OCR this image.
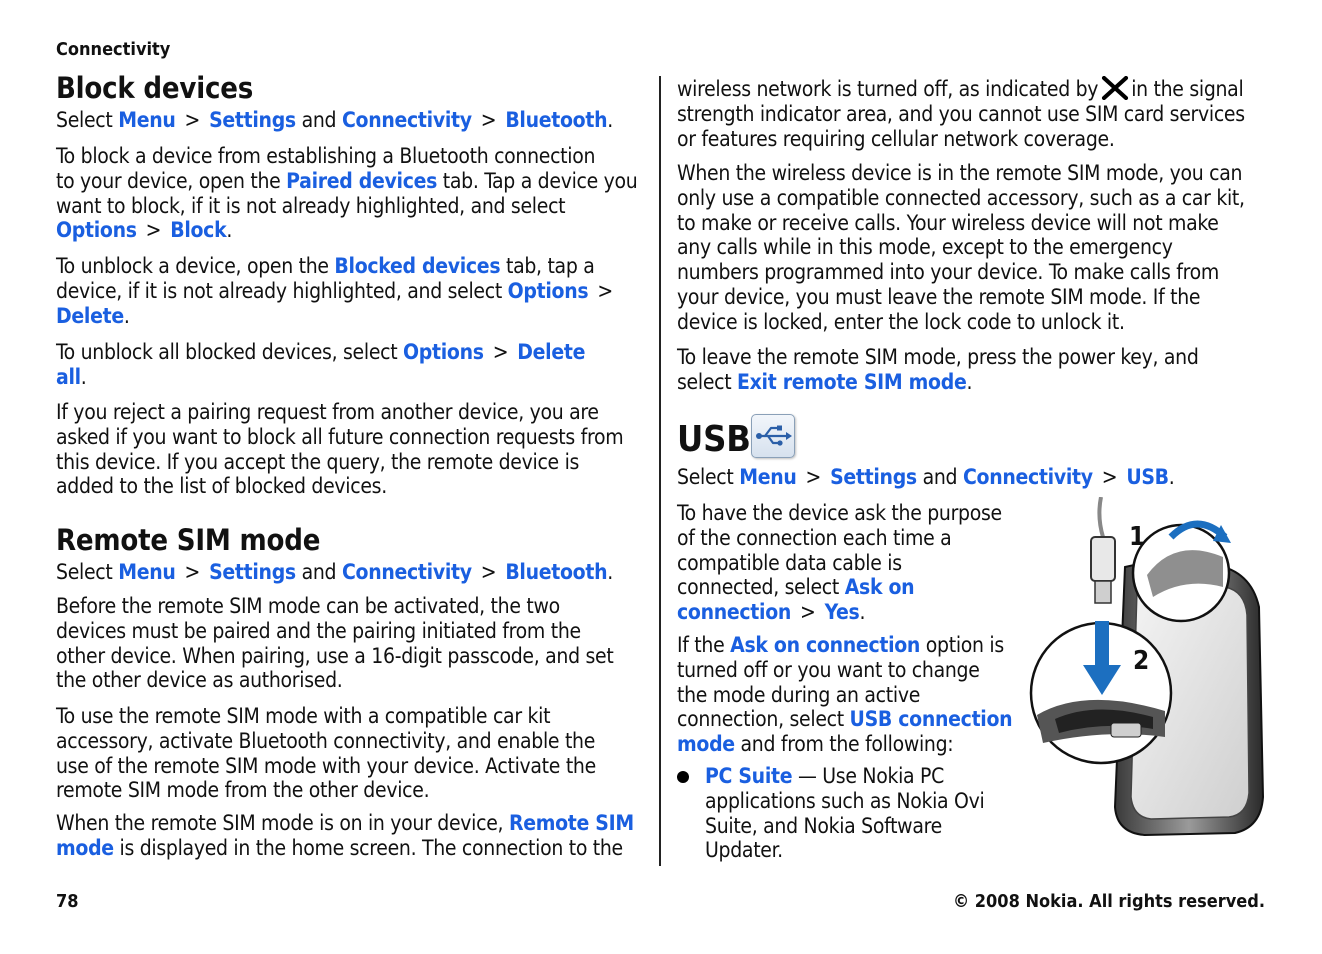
Connectivity
Block devices

Select Menu > Settings and Connectivity > Bluetooth.

To block a device from establishing a Bluetooth connection
to your device, open the Paired devices tab. Tap a device you
want to block, if it is not already highlighted, and select
Options > Block.

To unblock a device, open the Blocked devices tab, tap a
device, if it is not already highlighted, and select Options >
Delete.

To unblock all blocked devices, select Options > Delete
all.

If you reject a pairing request from another device, you are
asked if you want to block all future connection requests from
this device. If you accept the query, the remote device is
added to the list of blocked devices.

Remote SIM mode

Select Menu > Settings and Connectivity > Bluetooth.

Before the remote SIM mode can be activated, the two
devices must be paired and the pairing initiated from the
other device. When pairing, use a 16-digit passcode, and set
the other device as authorised.

To use the remote SIM mode with a compatible car kit
accessory, activate Bluetooth connectivity, and enable the
use of the remote SIM mode with your device. Activate the
remote SIM mode from the other device.

When the remote SIM mode is on in your device, Remote SIM
mode is displayed in the home screen. The connection to the

wireless network is turned off, as indicated by in the signal
strength indicator area, and you cannot use SIM card services
or features requiring cellular network coverage.

When the wireless device is in the remote SIM mode, you can
only use a compatible connected accessory, such as a car kit,
to make or receive calls. Your wireless device will not make
any calls while in this mode, except to the emergency
numbers programmed into your device. To make calls from
your device, you must leave the remote SIM mode. If the
device is locked, enter the lock code to unlock it.

To leave the remote SIM mode, press the power key, and
select Exit remote SIM mode.

USB

Select Menu > Settings and Connectivity > USB.

To have the device ask the purpose
of the connection each time a
compatible data cable is
connected, select Ask on
connection > Yes.

If the Ask on connection option is
turned off or you want to change
the mode during an active
connection, select USB connection
mode and from the following:

PC Suite — Use Nokia PC
applications such as Nokia Ovi
Suite, and Nokia Software
Updater.

1
2
78	© 2008 Nokia. All rights reserved.
